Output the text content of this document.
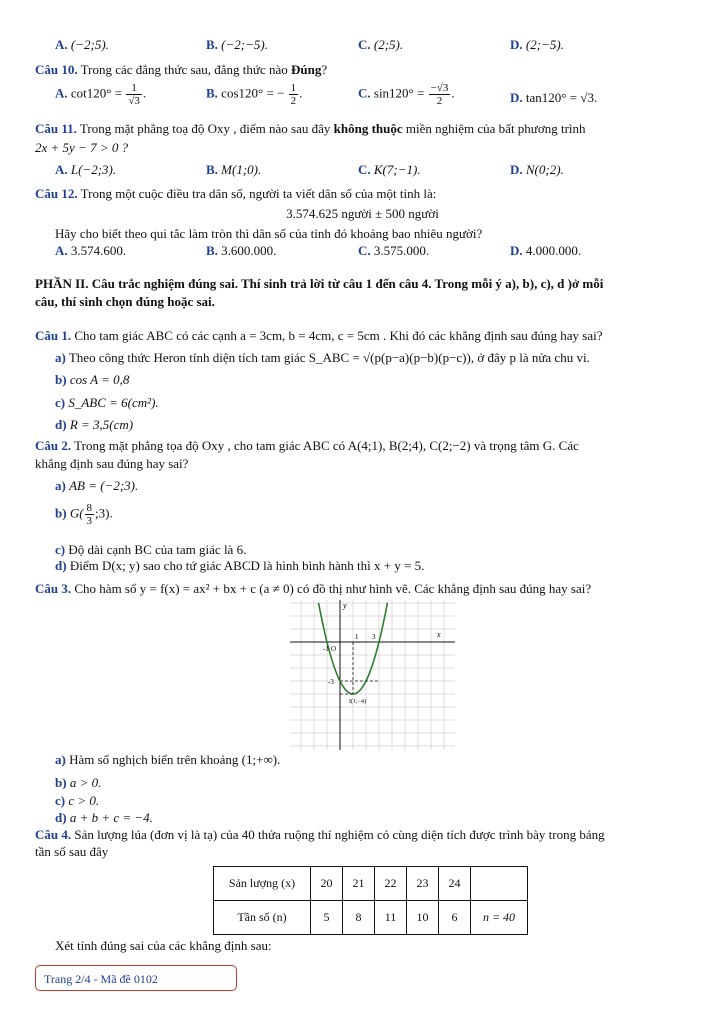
A. (−2;5).	B. (−2;−5).	C. (2;5).	D. (2;−5).
Câu 10. Trong các đẳng thức sau, đẳng thức nào Đúng?
A. $\cot 120^\circ = \frac{1}{√3}$ .	B. cos120° = − $\frac{1}{2}$ .	C. $\sin 120^\circ = \frac{-√3}{2}$ .	D. tan120° = √3.
Câu 11. Trong mặt phẳng toạ độ Oxy , điểm nào sau đây không thuộc miền nghiệm của bất phương trình
2x + 5y − 7 > 0 ?
A. L(−2;3).	B. M(1;0).	C. K(7;−1).	D. N(0;2).
Câu 12. Trong một cuộc điều tra dân số, người ta viết dân số của một tỉnh là:
3.574.625 người ± 500 người
Hãy cho biết theo qui tắc làm tròn thì dân số của tỉnh đó khoảng bao nhiêu người?
A. 3.574.600.	B. 3.600.000.	C. 3.575.000.	D. 4.000.000.
PHẦN II. Câu trắc nghiệm đúng sai. Thí sinh trả lời từ câu 1 đến câu 4. Trong mỗi ý a), b), c), d )ở mỗi
câu, thí sinh chọn đúng hoặc sai.
Câu 1. Cho tam giác ABC có các cạnh a = 3cm, b = 4cm, c = 5cm . Khi đó các khẳng định sau đúng hay sai?
a) Theo công thức Heron tính diện tích tam giác S_ABC = √(p(p−a)(p−b)(p−c)), ở đây p là nửa chu vi.
b) cos A = 0,8
c) S_ABC = 6(cm²).
d) R = 3,5(cm)
Câu 2. Trong mặt phẳng tọa độ Oxy , cho tam giác ABC có A(4;1), B(2;4), C(2;−2) và trọng tâm G. Các
khẳng định sau đúng hay sai?
a) AB = (−2;3).
b) $G( \frac{8}{3}$ ;3).
c) Độ dài cạnh BC của tam giác là 6.
d) Điểm D(x; y) sao cho tứ giác ABCD là hình bình hành thì x + y = 5.
Câu 3. Cho hàm số y = f(x) = ax² + bx + c (a ≠ 0) có đồ thị như hình vẽ. Các khẳng định sau đúng hay sai?
y
x
O
-1
1 3
-3
I(1;−4)
a) Hàm số nghịch biến trên khoảng (1;+∞).
b) a > 0.
c) c > 0.
d) a + b + c = −4.
Câu 4. Sản lượng lúa (đơn vị là tạ) của 40 thửa ruộng thí nghiệm có cùng diện tích được trình bày trong bảng
tần số sau đây
Sản lượng (x)	20	21	22	23	24	
Tần số (n)	5	8	11	10	6	n = 40
Xét tính đúng sai của các khẳng định sau:
Trang 2/4 - Mã đề 0102
